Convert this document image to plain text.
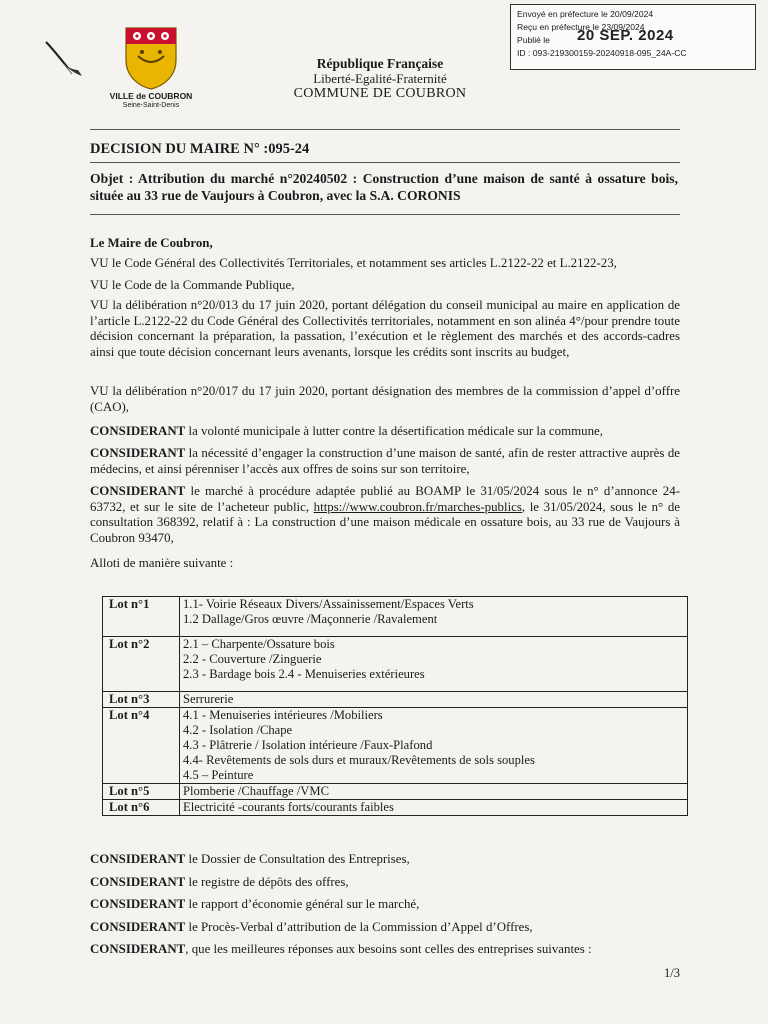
Envoyé en préfecture le 20/09/2024
Reçu en préfecture le 23/09/2024
Publié le
ID : 093-219300159-20240918-095_24A-CC
20 SEP. 2024
VILLE de COUBRON
Seine-Saint-Denis
République Française
Liberté-Egalité-Fraternité
COMMUNE DE COUBRON
DECISION DU MAIRE N° :095-24
Objet : Attribution du marché n°20240502 : Construction d’une maison de santé à ossature bois, située au 33 rue de Vaujours à Coubron, avec la S.A. CORONIS
Le Maire de Coubron,
VU le Code Général des Collectivités Territoriales, et notamment ses articles L.2122-22 et L.2122-23,
VU le Code de la Commande Publique,
VU la délibération n°20/013 du 17 juin 2020, portant délégation du conseil municipal au maire en application de l’article L.2122-22 du Code Général des Collectivités territoriales, notamment en son alinéa 4°/pour prendre toute décision concernant la préparation, la passation, l’exécution et le règlement des marchés et des accords-cadres ainsi que toute décision concernant leurs avenants, lorsque les crédits sont inscrits au budget,
VU la délibération n°20/017 du 17 juin 2020, portant désignation des membres de la commission d’appel d’offre (CAO),
CONSIDERANT la volonté municipale à lutter contre la désertification médicale sur la commune,
CONSIDERANT la nécessité d’engager la construction d’une maison de santé, afin de rester attractive auprès de médecins, et ainsi pérenniser l’accès aux offres de soins sur son territoire,
CONSIDERANT le marché à procédure adaptée publié au BOAMP le 31/05/2024 sous le n° d’annonce 24-63732, et sur le site de l’acheteur public, https://www.coubron.fr/marches-publics, le 31/05/2024, sous le n° de consultation 368392, relatif à : La construction d’une maison médicale en ossature bois, au 33 rue de Vaujours à Coubron 93470,
Alloti de manière suivante :
Lot n°1	1.1- Voirie Réseaux Divers/Assainissement/Espaces Verts
1.2 Dallage/Gros œuvre /Maçonnerie /Ravalement

Lot n°2	2.1 – Charpente/Ossature bois
2.2 - Couverture /Zinguerie
2.3 - Bardage bois 2.4 - Menuiseries extérieures

Lot n°3	Serrurerie

Lot n°4	4.1 - Menuiseries intérieures /Mobiliers
4.2 - Isolation /Chape
4.3 - Plâtrerie / Isolation intérieure /Faux-Plafond
4.4- Revêtements de sols durs et muraux/Revêtements de sols souples
4.5 – Peinture

Lot n°5	Plomberie /Chauffage /VMC

Lot n°6	Electricité -courants forts/courants faibles
CONSIDERANT le Dossier de Consultation des Entreprises,
CONSIDERANT le registre de dépôts des offres,
CONSIDERANT le rapport d’économie général sur le marché,
CONSIDERANT le Procès-Verbal d’attribution de la Commission d’Appel d’Offres,
CONSIDERANT, que les meilleures réponses aux besoins sont celles des entreprises suivantes :
1/3
